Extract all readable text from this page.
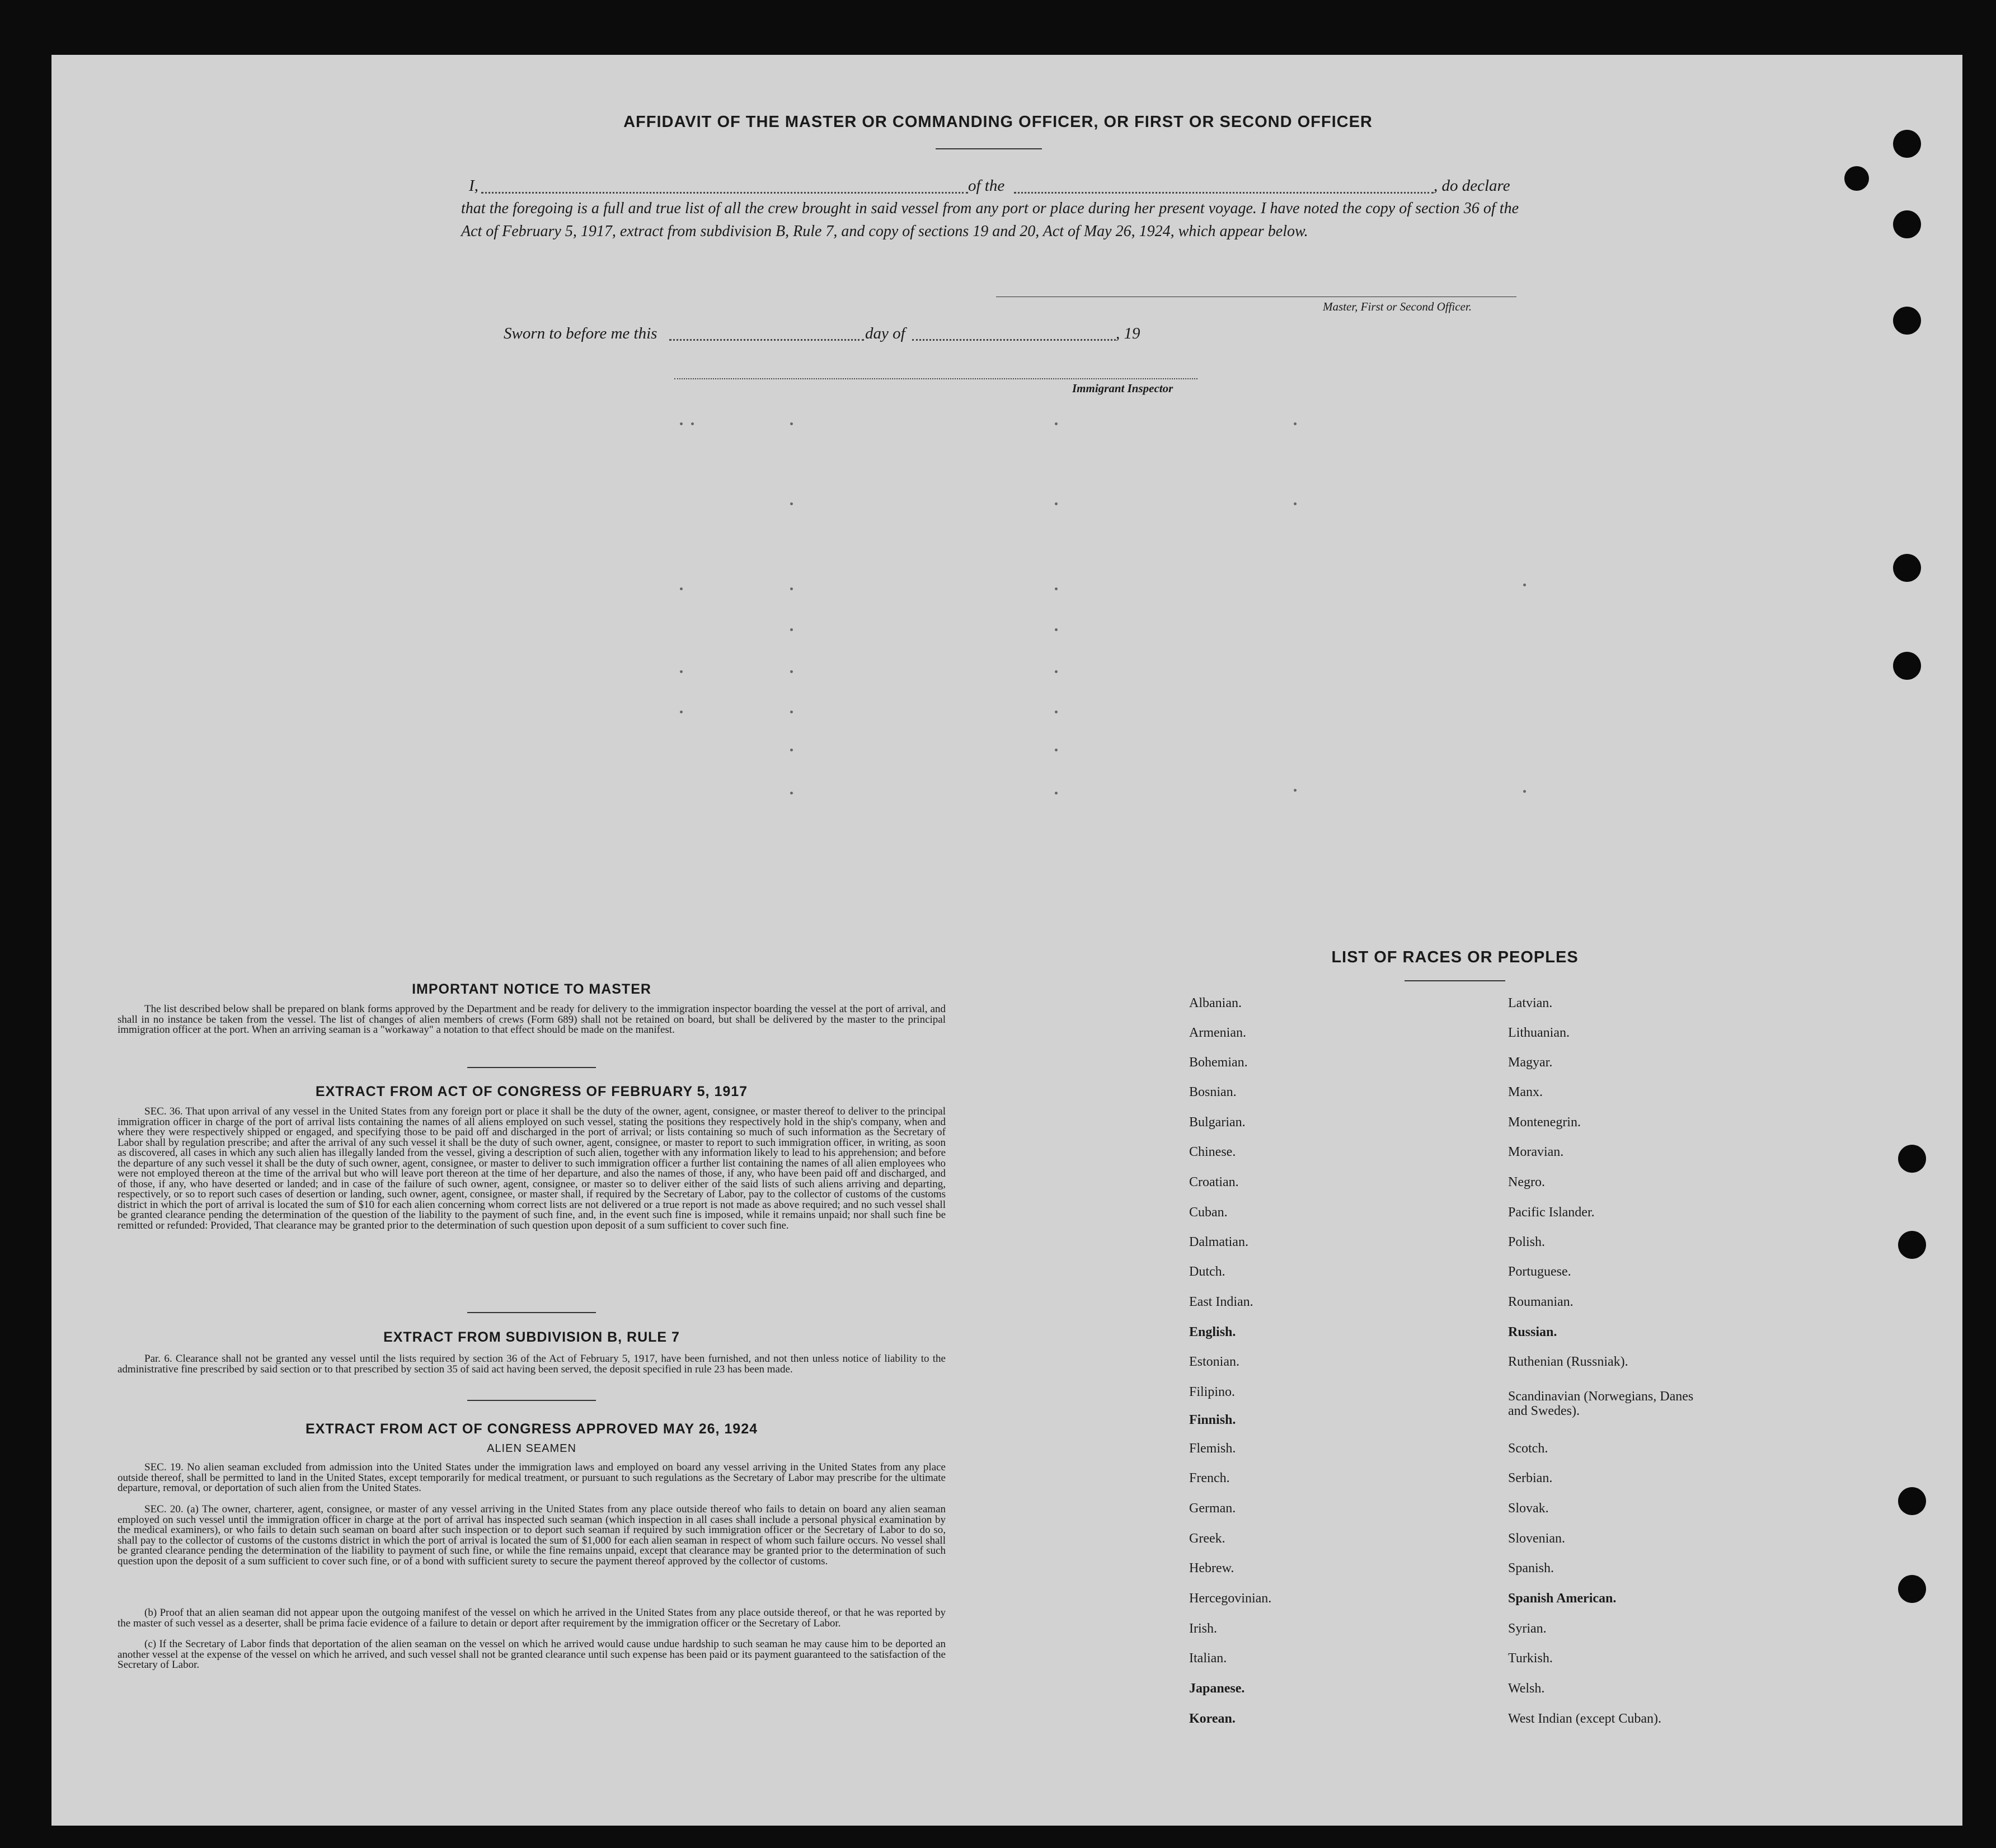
AFFIDAVIT OF THE MASTER OR COMMANDING OFFICER, OR FIRST OR SECOND OFFICER
I,	of the	, do declare
that the foregoing is a full and true list of all the crew brought in said vessel from any port or place during her present voyage. I have noted the copy of section 36 of the Act of February 5, 1917, extract from subdivision B, Rule 7, and copy of sections 19 and 20, Act of May 26, 1924, which appear below.
Master, First or Second Officer.
Sworn to before me this	day of	, 19
Immigrant Inspector
IMPORTANT NOTICE TO MASTER
The list described below shall be prepared on blank forms approved by the Department and be ready for delivery to the immigration inspector boarding the vessel at the port of arrival, and shall in no instance be taken from the vessel. The list of changes of alien members of crews (Form 689) shall not be retained on board, but shall be delivered by the master to the principal immigration officer at the port. When an arriving seaman is a "workaway" a notation to that effect should be made on the manifest.
EXTRACT FROM ACT OF CONGRESS OF FEBRUARY 5, 1917
SEC. 36. That upon arrival of any vessel in the United States from any foreign port or place it shall be the duty of the owner, agent, consignee, or master thereof to deliver to the principal immigration officer in charge of the port of arrival lists containing the names of all aliens employed on such vessel, stating the positions they respectively hold in the ship's company, when and where they were respectively shipped or engaged, and specifying those to be paid off and discharged in the port of arrival; or lists containing so much of such information as the Secretary of Labor shall by regulation prescribe; and after the arrival of any such vessel it shall be the duty of such owner, agent, consignee, or master to report to such immigration officer, in writing, as soon as discovered, all cases in which any such alien has illegally landed from the vessel, giving a description of such alien, together with any information likely to lead to his apprehension; and before the departure of any such vessel it shall be the duty of such owner, agent, consignee, or master to deliver to such immigration officer a further list containing the names of all alien employees who were not employed thereon at the time of the arrival but who will leave port thereon at the time of her departure, and also the names of those, if any, who have been paid off and discharged, and of those, if any, who have deserted or landed; and in case of the failure of such owner, agent, consignee, or master so to deliver either of the said lists of such aliens arriving and departing, respectively, or so to report such cases of desertion or landing, such owner, agent, consignee, or master shall, if required by the Secretary of Labor, pay to the collector of customs of the customs district in which the port of arrival is located the sum of $10 for each alien concerning whom correct lists are not delivered or a true report is not made as above required; and no such vessel shall be granted clearance pending the determination of the question of the liability to the payment of such fine, and, in the event such fine is imposed, while it remains unpaid; nor shall such fine be remitted or refunded: Provided, That clearance may be granted prior to the determination of such question upon deposit of a sum sufficient to cover such fine.
EXTRACT FROM SUBDIVISION B, RULE 7
Par. 6. Clearance shall not be granted any vessel until the lists required by section 36 of the Act of February 5, 1917, have been furnished, and not then unless notice of liability to the administrative fine prescribed by said section or to that prescribed by section 35 of said act having been served, the deposit specified in rule 23 has been made.
EXTRACT FROM ACT OF CONGRESS APPROVED MAY 26, 1924
ALIEN SEAMEN
SEC. 19. No alien seaman excluded from admission into the United States under the immigration laws and employed on board any vessel arriving in the United States from any place outside thereof, shall be permitted to land in the United States, except temporarily for medical treatment, or pursuant to such regulations as the Secretary of Labor may prescribe for the ultimate departure, removal, or deportation of such alien from the United States.
SEC. 20. (a) The owner, charterer, agent, consignee, or master of any vessel arriving in the United States from any place outside thereof who fails to detain on board any alien seaman employed on such vessel until the immigration officer in charge at the port of arrival has inspected such seaman (which inspection in all cases shall include a personal physical examination by the medical examiners), or who fails to detain such seaman on board after such inspection or to deport such seaman if required by such immigration officer or the Secretary of Labor to do so, shall pay to the collector of customs of the customs district in which the port of arrival is located the sum of $1,000 for each alien seaman in respect of whom such failure occurs. No vessel shall be granted clearance pending the determination of the liability to payment of such fine, or while the fine remains unpaid, except that clearance may be granted prior to the determination of such question upon the deposit of a sum sufficient to cover such fine, or of a bond with sufficient surety to secure the payment thereof approved by the collector of customs.
(b) Proof that an alien seaman did not appear upon the outgoing manifest of the vessel on which he arrived in the United States from any place outside thereof, or that he was reported by the master of such vessel as a deserter, shall be prima facie evidence of a failure to detain or deport after requirement by the immigration officer or the Secretary of Labor.
(c) If the Secretary of Labor finds that deportation of the alien seaman on the vessel on which he arrived would cause undue hardship to such seaman he may cause him to be deported an another vessel at the expense of the vessel on which he arrived, and such vessel shall not be granted clearance until such expense has been paid or its payment guaranteed to the satisfaction of the Secretary of Labor.
LIST OF RACES OR PEOPLES
Albanian.
Armenian.
Bohemian.
Bosnian.
Bulgarian.
Chinese.
Croatian.
Cuban.
Dalmatian.
Dutch.
East Indian.
English.
Estonian.
Filipino.
Finnish.
Flemish.
French.
German.
Greek.
Hebrew.
Hercegovinian.
Irish.
Italian.
Japanese.
Korean.
Latvian.
Lithuanian.
Magyar.
Manx.
Montenegrin.
Moravian.
Negro.
Pacific Islander.
Polish.
Portuguese.
Roumanian.
Russian.
Ruthenian (Russniak).
Scandinavian (Norwegians, Danes and Swedes).
Scotch.
Serbian.
Slovak.
Slovenian.
Spanish.
Spanish American.
Syrian.
Turkish.
Welsh.
West Indian (except Cuban).
